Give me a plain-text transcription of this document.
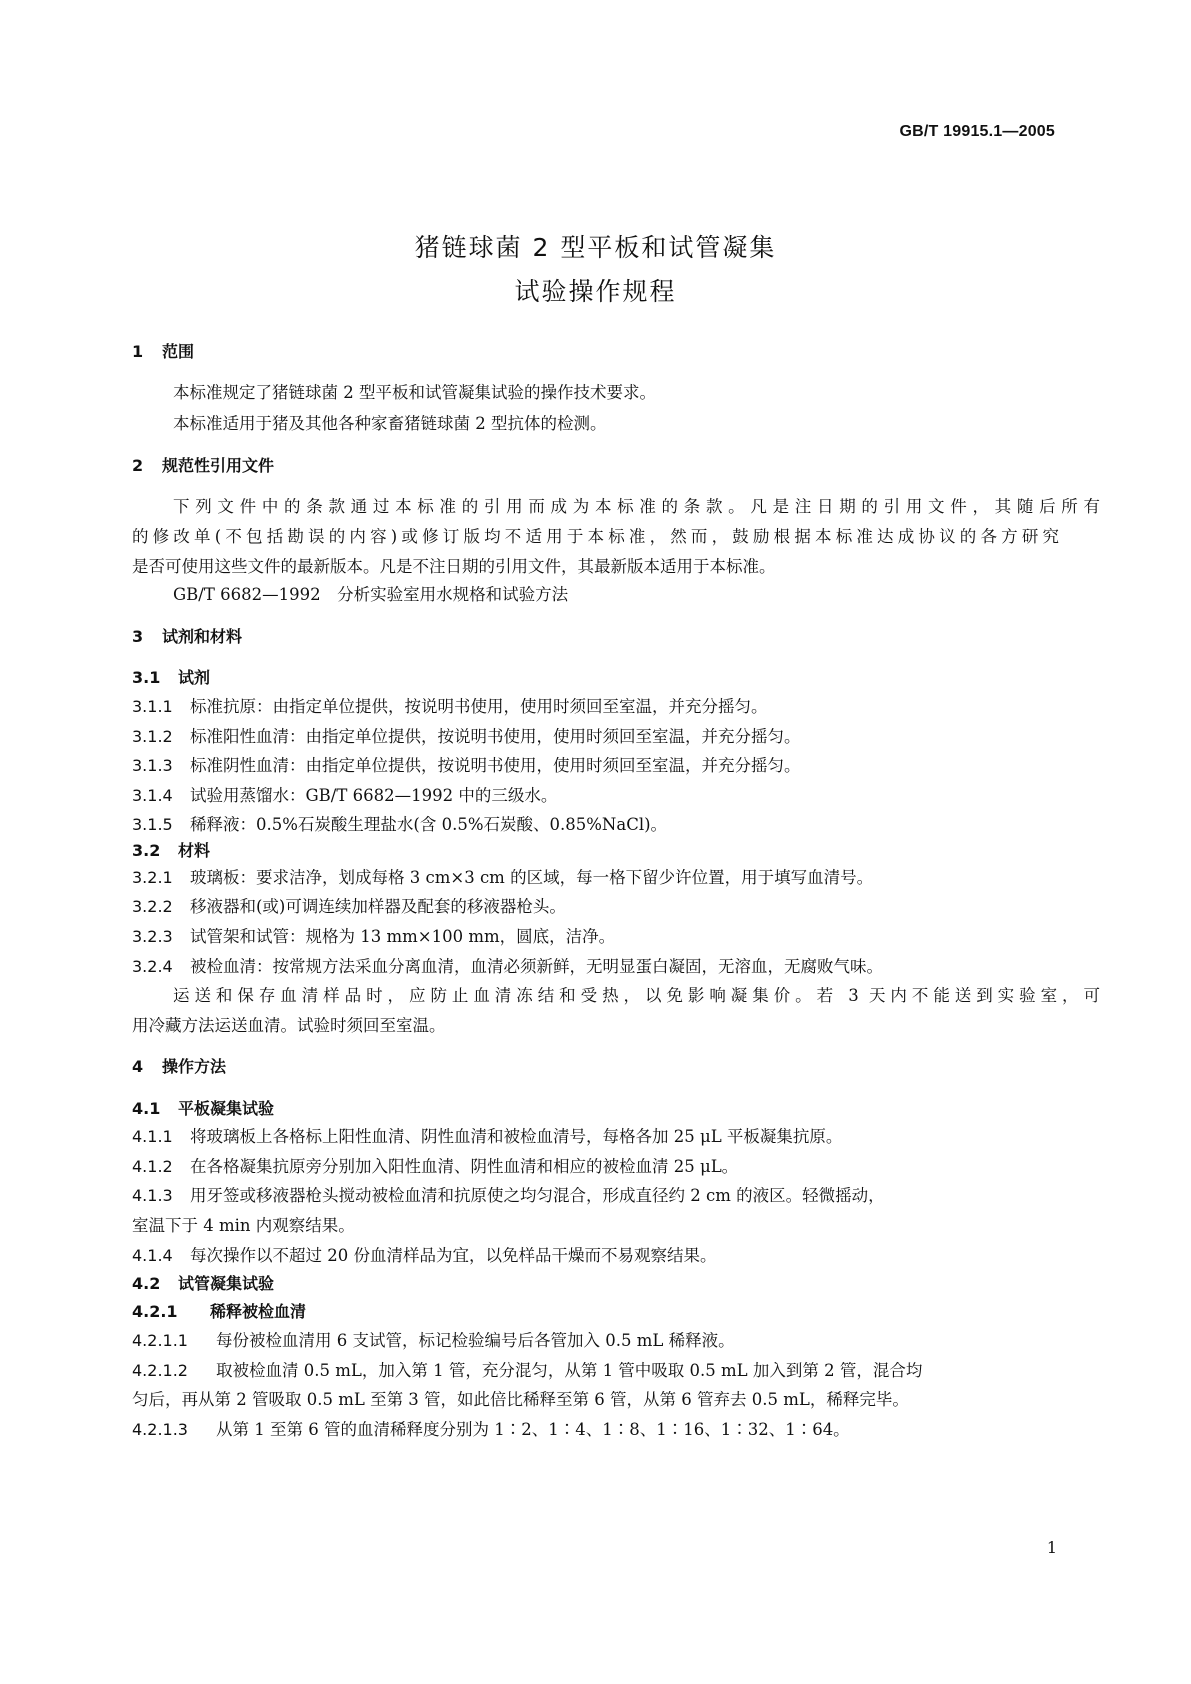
GB/T 19915.1—2005
猪链球菌 2 型平板和试管凝集
试验操作规程
1 范围
本标准规定了猪链球菌 2 型平板和试管凝集试验的操作技术要求。
本标准适用于猪及其他各种家畜猪链球菌 2 型抗体的检测。
2 规范性引用文件
下列文件中的条款通过本标准的引用而成为本标准的条款。凡是注日期的引用文件，其随后所有
的修改单(不包括勘误的内容)或修订版均不适用于本标准，然而，鼓励根据本标准达成协议的各方研究
是否可使用这些文件的最新版本。凡是不注日期的引用文件，其最新版本适用于本标准。
GB/T 6682—1992　分析实验室用水规格和试验方法
3 试剂和材料
3.1 试剂
3.1.1 标准抗原：由指定单位提供，按说明书使用，使用时须回至室温，并充分摇匀。
3.1.2 标准阳性血清：由指定单位提供，按说明书使用，使用时须回至室温，并充分摇匀。
3.1.3 标准阴性血清：由指定单位提供，按说明书使用，使用时须回至室温，并充分摇匀。
3.1.4 试验用蒸馏水：GB/T 6682—1992 中的三级水。
3.1.5 稀释液：0.5%石炭酸生理盐水(含 0.5%石炭酸、0.85%NaCl)。
3.2 材料
3.2.1 玻璃板：要求洁净，划成每格 3 cm×3 cm 的区域，每一格下留少许位置，用于填写血清号。
3.2.2 移液器和(或)可调连续加样器及配套的移液器枪头。
3.2.3 试管架和试管：规格为 13 mm×100 mm，圆底，洁净。
3.2.4 被检血清：按常规方法采血分离血清，血清必须新鲜，无明显蛋白凝固，无溶血，无腐败气味。
运送和保存血清样品时，应防止血清冻结和受热，以免影响凝集价。若 3 天内不能送到实验室，可
用冷藏方法运送血清。试验时须回至室温。
4 操作方法
4.1 平板凝集试验
4.1.1 将玻璃板上各格标上阳性血清、阴性血清和被检血清号，每格各加 25 μL 平板凝集抗原。
4.1.2 在各格凝集抗原旁分别加入阳性血清、阴性血清和相应的被检血清 25 μL。
4.1.3 用牙签或移液器枪头搅动被检血清和抗原使之均匀混合，形成直径约 2 cm 的液区。轻微摇动，
室温下于 4 min 内观察结果。
4.1.4 每次操作以不超过 20 份血清样品为宜，以免样品干燥而不易观察结果。
4.2 试管凝集试验
4.2.1 稀释被检血清
4.2.1.1 每份被检血清用 6 支试管，标记检验编号后各管加入 0.5 mL 稀释液。
4.2.1.2 取被检血清 0.5 mL，加入第 1 管，充分混匀，从第 1 管中吸取 0.5 mL 加入到第 2 管，混合均
匀后，再从第 2 管吸取 0.5 mL 至第 3 管，如此倍比稀释至第 6 管，从第 6 管弃去 0.5 mL，稀释完毕。
4.2.1.3 从第 1 至第 6 管的血清稀释度分别为 1∶2、1∶4、1∶8、1∶16、1∶32、1∶64。
1
